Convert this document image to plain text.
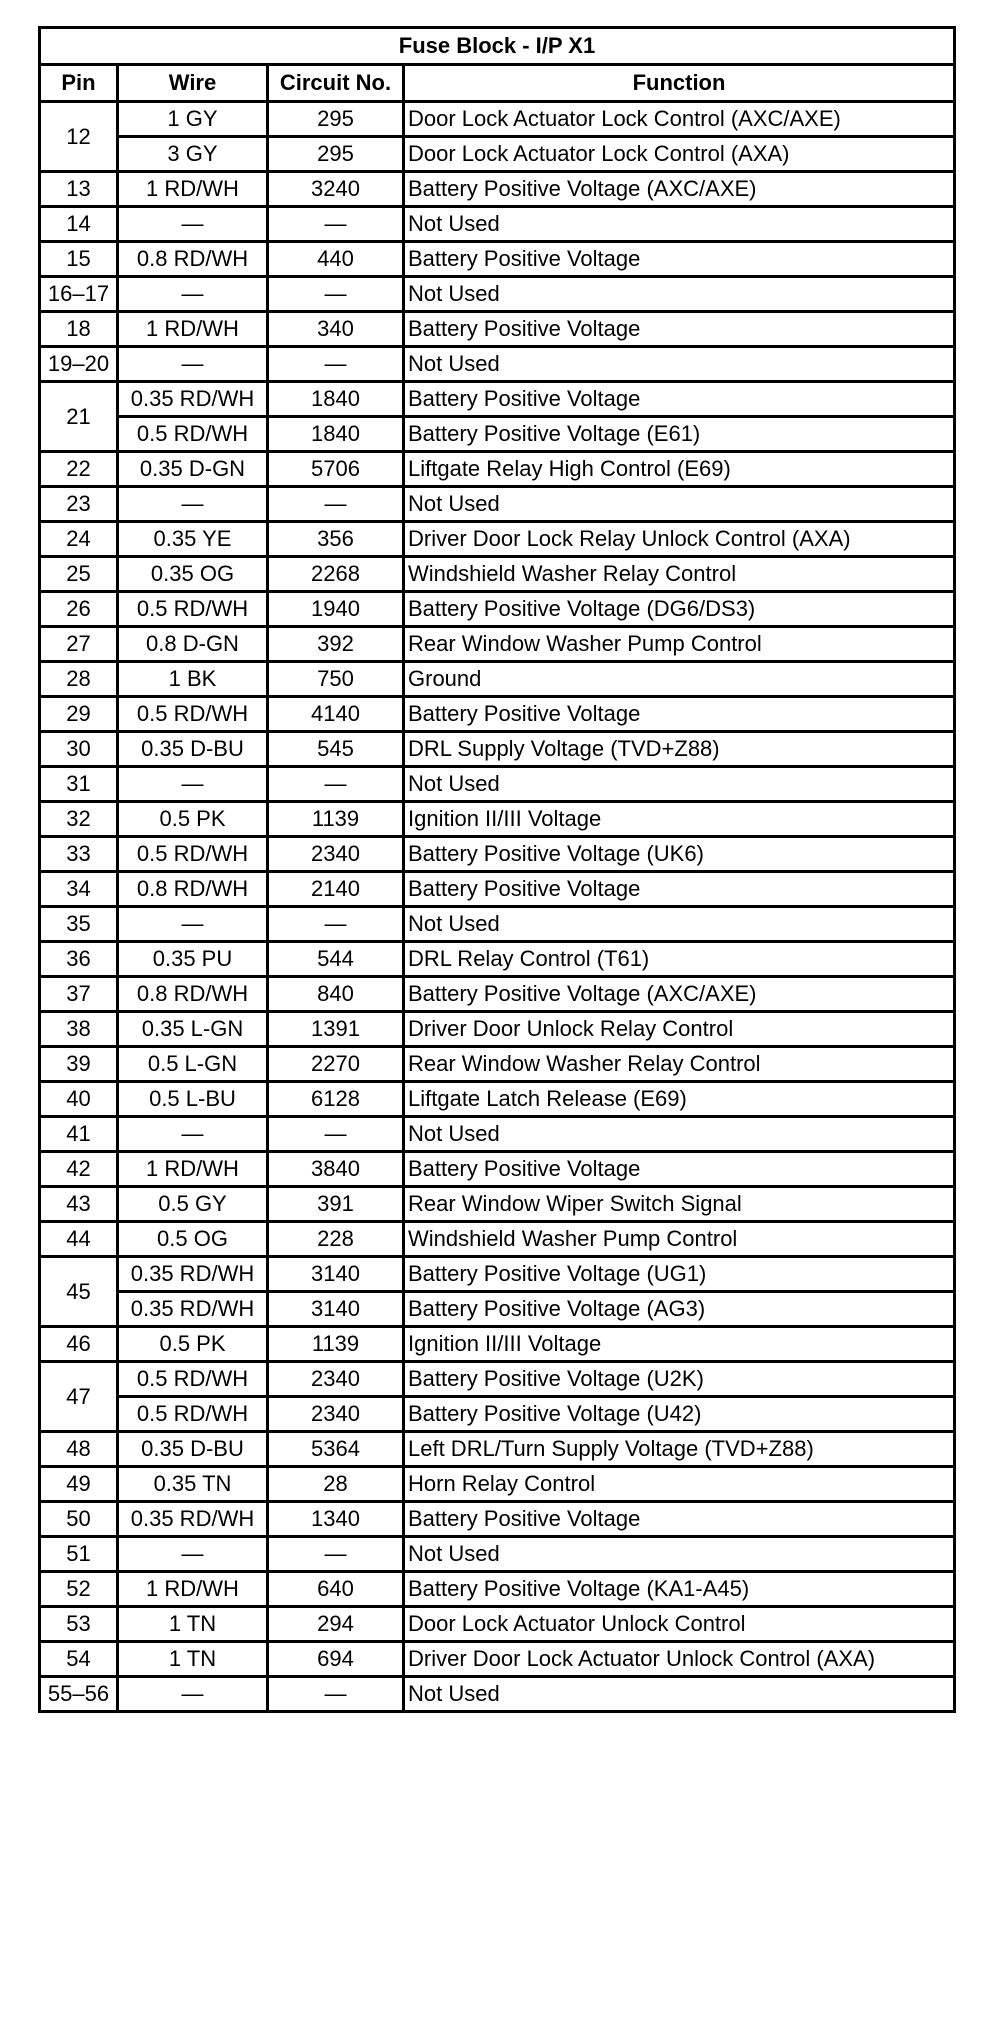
Fuse Block - I/P X1			
Pin	Wire	Circuit No.	Function
12	1 GY	295	Door Lock Actuator Lock Control (AXC/AXE)
	3 GY	295	Door Lock Actuator Lock Control (AXA)
13	1 RD/WH	3240	Battery Positive Voltage (AXC/AXE)
14	—	—	Not Used
15	0.8 RD/WH	440	Battery Positive Voltage
16–17	—	—	Not Used
18	1 RD/WH	340	Battery Positive Voltage
19–20	—	—	Not Used
21	0.35 RD/WH	1840	Battery Positive Voltage
	0.5 RD/WH	1840	Battery Positive Voltage (E61)
22	0.35 D-GN	5706	Liftgate Relay High Control (E69)
23	—	—	Not Used
24	0.35 YE	356	Driver Door Lock Relay Unlock Control (AXA)
25	0.35 OG	2268	Windshield Washer Relay Control
26	0.5 RD/WH	1940	Battery Positive Voltage (DG6/DS3)
27	0.8 D-GN	392	Rear Window Washer Pump Control
28	1 BK	750	Ground
29	0.5 RD/WH	4140	Battery Positive Voltage
30	0.35 D-BU	545	DRL Supply Voltage (TVD+Z88)
31	—	—	Not Used
32	0.5 PK	1139	Ignition II/III Voltage
33	0.5 RD/WH	2340	Battery Positive Voltage (UK6)
34	0.8 RD/WH	2140	Battery Positive Voltage
35	—	—	Not Used
36	0.35 PU	544	DRL Relay Control (T61)
37	0.8 RD/WH	840	Battery Positive Voltage (AXC/AXE)
38	0.35 L-GN	1391	Driver Door Unlock Relay Control
39	0.5 L-GN	2270	Rear Window Washer Relay Control
40	0.5 L-BU	6128	Liftgate Latch Release (E69)
41	—	—	Not Used
42	1 RD/WH	3840	Battery Positive Voltage
43	0.5 GY	391	Rear Window Wiper Switch Signal
44	0.5 OG	228	Windshield Washer Pump Control
45	0.35 RD/WH	3140	Battery Positive Voltage (UG1)
	0.35 RD/WH	3140	Battery Positive Voltage (AG3)
46	0.5 PK	1139	Ignition II/III Voltage
47	0.5 RD/WH	2340	Battery Positive Voltage (U2K)
	0.5 RD/WH	2340	Battery Positive Voltage (U42)
48	0.35 D-BU	5364	Left DRL/Turn Supply Voltage (TVD+Z88)
49	0.35 TN	28	Horn Relay Control
50	0.35 RD/WH	1340	Battery Positive Voltage
51	—	—	Not Used
52	1 RD/WH	640	Battery Positive Voltage (KA1-A45)
53	1 TN	294	Door Lock Actuator Unlock Control
54	1 TN	694	Driver Door Lock Actuator Unlock Control (AXA)
55–56	—	—	Not Used
